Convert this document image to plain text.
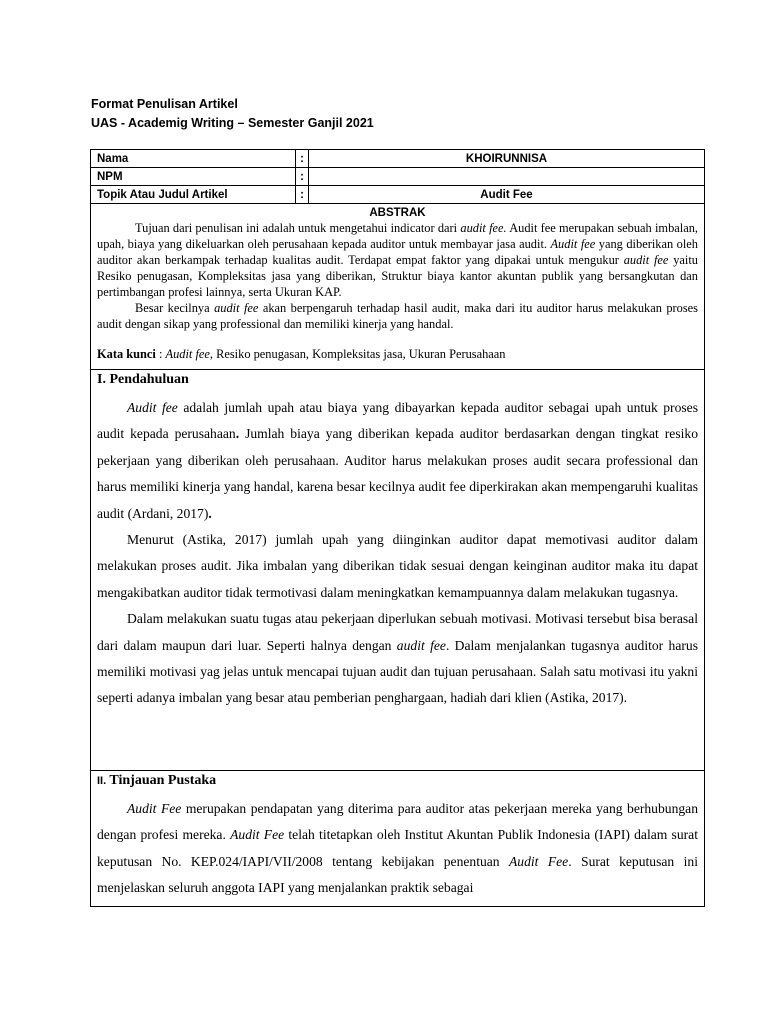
Format Penulisan Artikel
UAS - Academig Writing – Semester Ganjil 2021
Nama	:	KHOIRUNNISA
NPM	:	
Topik Atau Judul Artikel	:	Audit Fee
ABSTRAK
Tujuan dari penulisan ini adalah untuk mengetahui indicator dari audit fee. Audit fee merupakan sebuah imbalan, upah, biaya yang dikeluarkan oleh perusahaan kepada auditor untuk membayar jasa audit. Audit fee yang diberikan oleh auditor akan berkampak terhadap kualitas audit. Terdapat empat faktor yang dipakai untuk mengukur audit fee yaitu Resiko penugasan, Kompleksitas jasa yang diberikan, Struktur biaya kantor akuntan publik yang bersangkutan dan pertimbangan profesi lainnya, serta Ukuran KAP.
Besar kecilnya audit fee akan berpengaruh terhadap hasil audit, maka dari itu auditor harus melakukan proses audit dengan sikap yang professional dan memiliki kinerja yang handal.
Kata kunci : Audit fee, Resiko penugasan, Kompleksitas jasa, Ukuran Perusahaan
I. Pendahuluan
Audit fee adalah jumlah upah atau biaya yang dibayarkan kepada auditor sebagai upah untuk proses audit kepada perusahaan. Jumlah biaya yang diberikan kepada auditor berdasarkan dengan tingkat resiko pekerjaan yang diberikan oleh perusahaan. Auditor harus melakukan proses audit secara professional dan harus memiliki kinerja yang handal, karena besar kecilnya audit fee diperkirakan akan mempengaruhi kualitas audit (Ardani, 2017).
Menurut (Astika, 2017) jumlah upah yang diinginkan auditor dapat memotivasi auditor dalam melakukan proses audit. Jika imbalan yang diberikan tidak sesuai dengan keinginan auditor maka itu dapat mengakibatkan auditor tidak termotivasi dalam meningkatkan kemampuannya dalam melakukan tugasnya.
Dalam melakukan suatu tugas atau pekerjaan diperlukan sebuah motivasi. Motivasi tersebut bisa berasal dari dalam maupun dari luar. Seperti halnya dengan audit fee. Dalam menjalankan tugasnya auditor harus memiliki motivasi yag jelas untuk mencapai tujuan audit dan tujuan perusahaan. Salah satu motivasi itu yakni seperti adanya imbalan yang besar atau pemberian penghargaan, hadiah dari klien (Astika, 2017).
II. Tinjauan Pustaka
Audit Fee merupakan pendapatan yang diterima para auditor atas pekerjaan mereka yang berhubungan dengan profesi mereka. Audit Fee telah titetapkan oleh Institut Akuntan Publik Indonesia (IAPI) dalam surat keputusan No. KEP.024/IAPI/VII/2008 tentang kebijakan penentuan Audit Fee. Surat keputusan ini menjelaskan seluruh anggota IAPI yang menjalankan praktik sebagai
